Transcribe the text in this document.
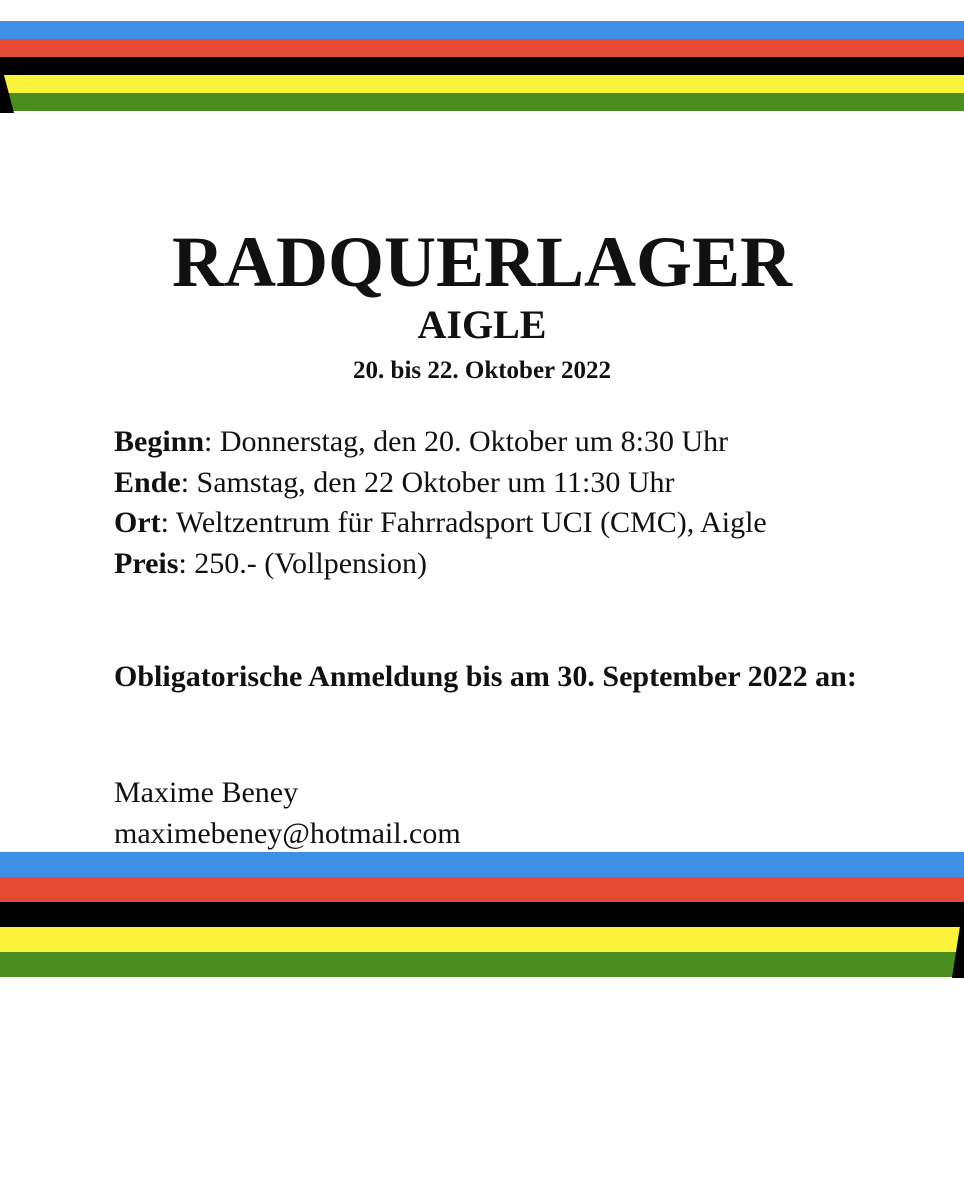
RADQUERLAGER
AIGLE
20. bis 22. Oktober 2022

Beginn: Donnerstag, den 20. Oktober um 8:30 Uhr

Ende: Samstag, den 22 Oktober um 11:30 Uhr

Ort: Weltzentrum für Fahrradsport UCI (CMC), Aigle

Preis: 250.- (Vollpension)

Obligatorische Anmeldung bis am 30. September 2022 an:

Maxime Beney

maximebeney@hotmail.com
